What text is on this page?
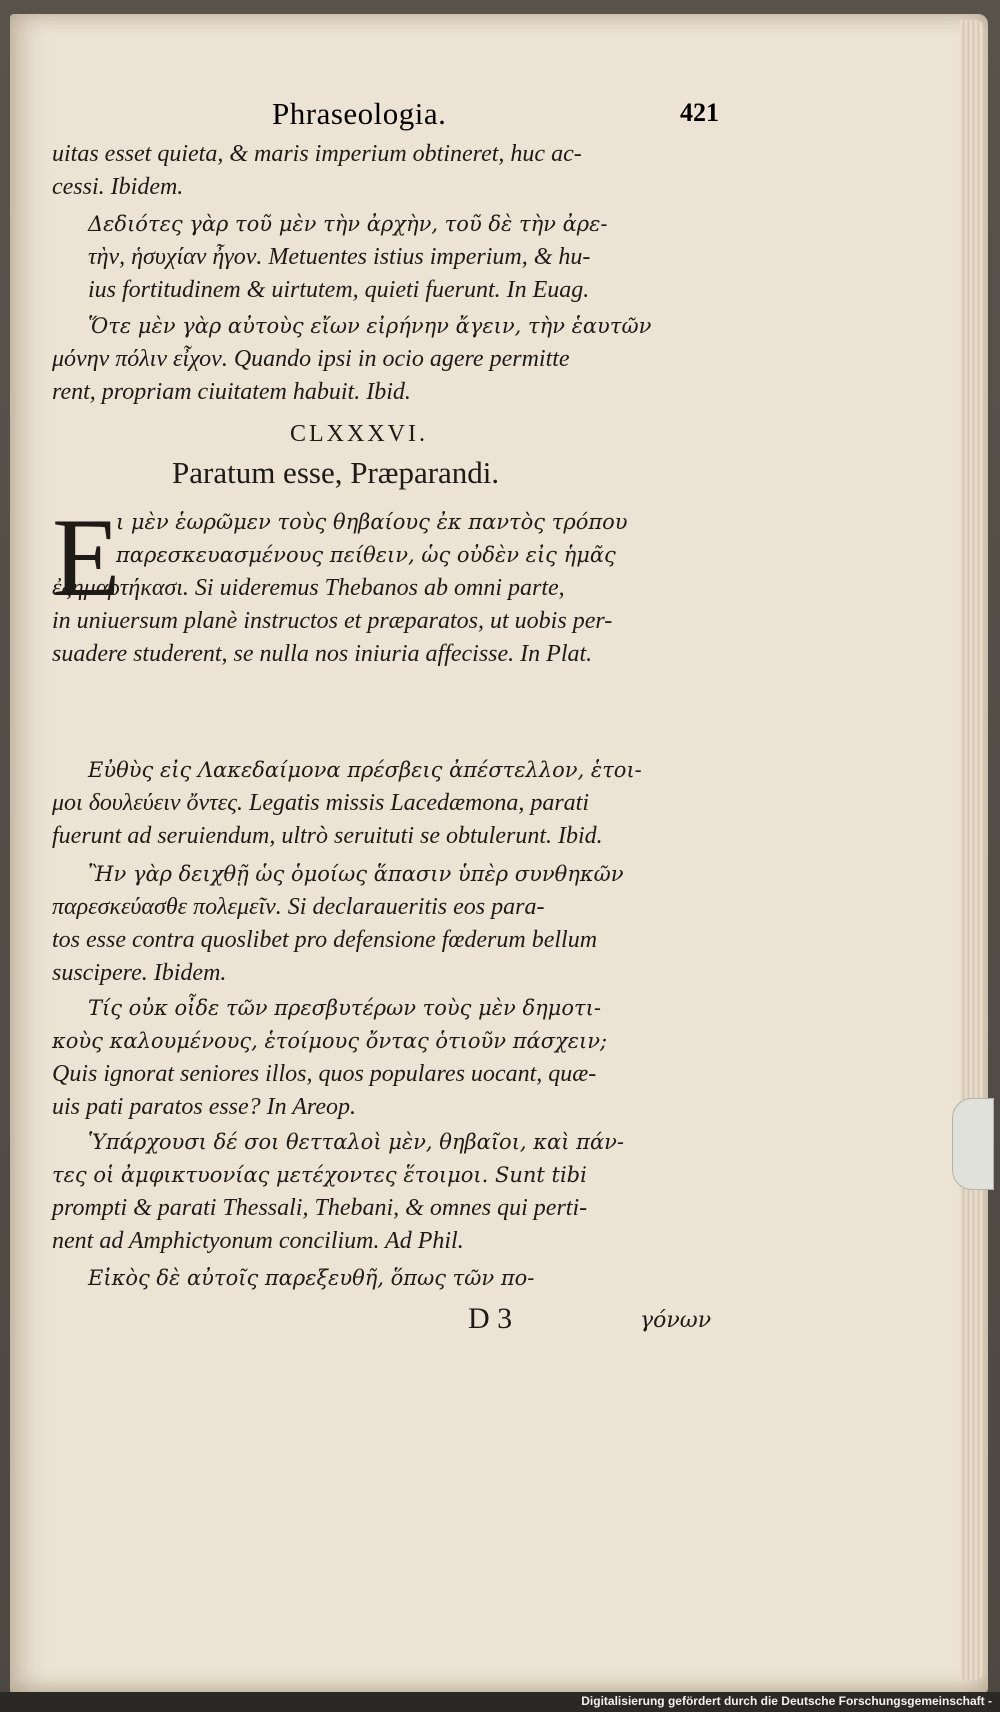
Phraseologia.	421

uitas esset quieta, & maris imperium obtineret, huc ac-

cessi. Ibidem.

Δεδιότες γὰρ τοῦ μὲν τὴν ἀρχὴν, τοῦ δὲ τὴν ἀρε-

τὴν, ἡσυχίαν ἦγον. Metuentes istius imperium, & hu-

ius fortitudinem & uirtutem, quieti fuerunt. In Euag.

Ὅτε μὲν γὰρ αὐτοὺς εἴων εἰρήνην ἄγειν, τὴν ἑαυτῶν

μόνην πόλιν εἶχον. Quando ipsi in ocio agere permitte

rent, propriam ciuitatem habuit. Ibid.

CLXXXVI.
Paratum esse, Præparandi.
E

ι μὲν ἑωρῶμεν τοὺς θηβαίους ἐκ παντὸς τρόπου

παρεσκευασμένους πείθειν, ὡς οὐδὲν εἰς ἡμᾶς

ἐξημαρτήκασι. Si uideremus Thebanos ab omni parte,

in uniuersum planè instructos et præparatos, ut uobis per-

suadere studerent, se nulla nos iniuria affecisse. In Plat.

Εὐθὺς εἰς Λακεδαίμονα πρέσβεις ἀπέστελλον, ἑτοι-

μοι δουλεύειν ὄντες. Legatis missis Lacedæmona, parati

fuerunt ad seruiendum, ultrò seruituti se obtulerunt. Ibid.

Ἢν γὰρ δειχθῇ ὡς ὁμοίως ἅπασιν ὑπὲρ συνθηκῶν

παρεσκεύασθε πολεμεῖν. Si declaraueritis eos para-

tos esse contra quoslibet pro defensione fœderum bellum

suscipere. Ibidem.

Τίς οὐκ οἶδε τῶν πρεσβυτέρων τοὺς μὲν δημοτι-

κοὺς καλουμένους, ἑτοίμους ὄντας ὁτιοῦν πάσχειν;

Quis ignorat seniores illos, quos populares uocant, quæ-

uis pati paratos esse? In Areop.

Ὑπάρχουσι δέ σοι θετταλοὶ μὲν, θηβαῖοι, καὶ πάν-

τες οἱ ἀμφικτυονίας μετέχοντες ἕτοιμοι. Sunt tibi

prompti & parati Thessali, Thebani, & omnes qui perti-

nent ad Amphictyonum concilium. Ad Phil.

Εἰκὸς δὲ αὐτοῖς παρεξευθῆ, ὅπως τῶν πο-

D 3	γόνων
Digitalisierung gefördert durch die Deutsche Forschungsgemeinschaft -
